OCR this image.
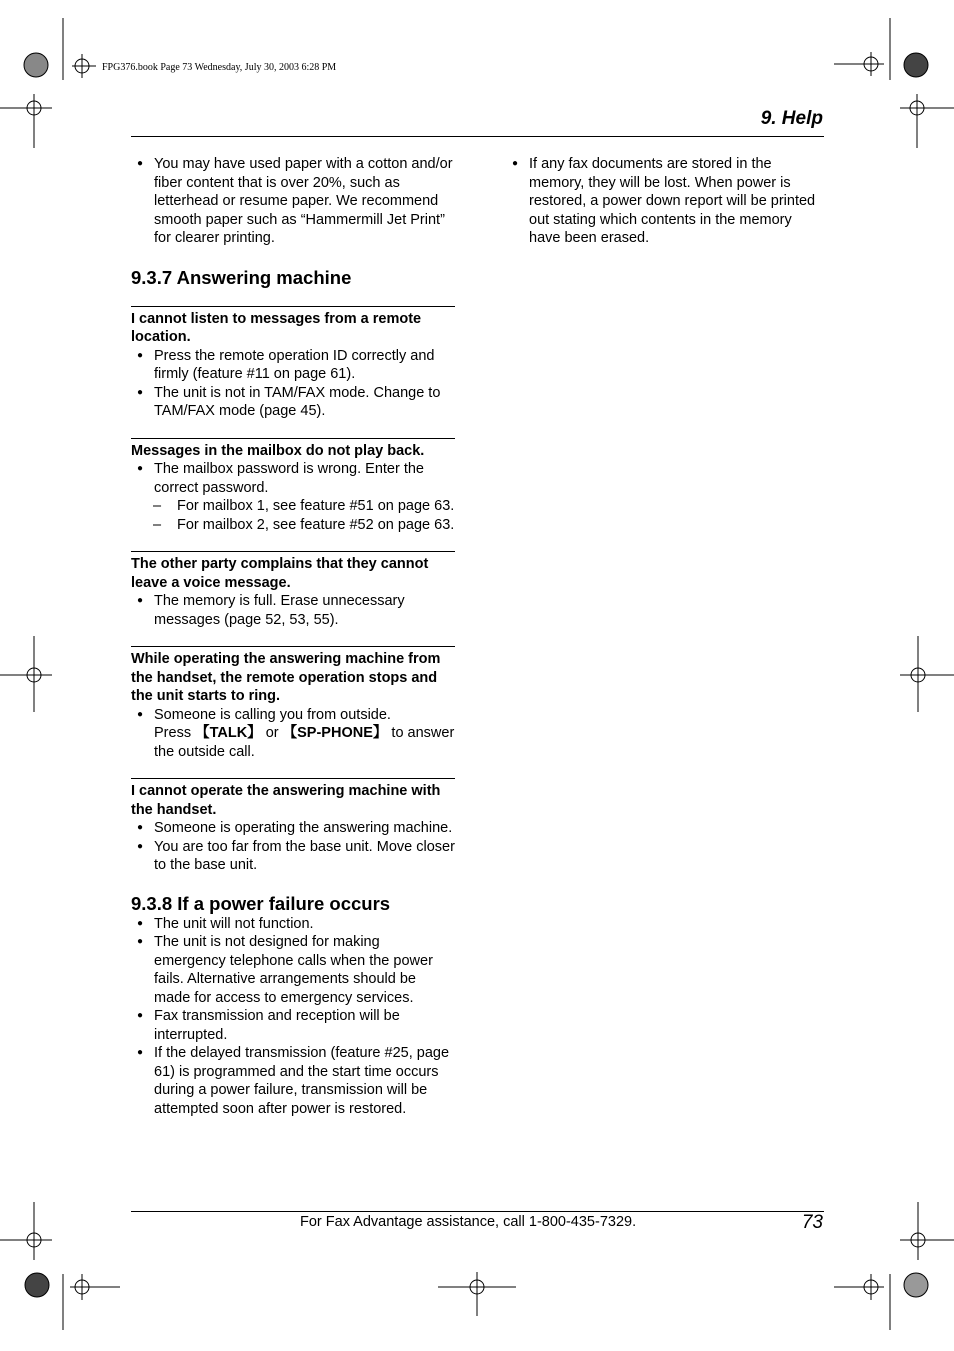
FPG376.book Page 73 Wednesday, July 30, 2003 6:28 PM
9. Help

● You may have used paper with a cotton and/or fiber content that is over 20%, such as letterhead or resume paper. We recommend smooth paper such as “Hammermill Jet Print” for clearer printing.

9.3.7 Answering machine

I cannot listen to messages from a remote location.

● Press the remote operation ID correctly and firmly (feature #11 on page 61).

● The unit is not in TAM/FAX mode. Change to TAM/FAX mode (page 45).

Messages in the mailbox do not play back.

● The mailbox password is wrong. Enter the correct password.

– For mailbox 1, see feature #51 on page 63.

– For mailbox 2, see feature #52 on page 63.

The other party complains that they cannot leave a voice message.

● The memory is full. Erase unnecessary messages (page 52, 53, 55).

While operating the answering machine from the handset, the remote operation stops and the unit starts to ring.

● Someone is calling you from outside.
Press 【TALK】 or 【SP-PHONE】 to answer the outside call.

I cannot operate the answering machine with the handset.

● Someone is operating the answering machine.

● You are too far from the base unit. Move closer to the base unit.

9.3.8 If a power failure occurs

● The unit will not function.

● The unit is not designed for making emergency telephone calls when the power fails. Alternative arrangements should be made for access to emergency services.

● Fax transmission and reception will be interrupted.

● If the delayed transmission (feature #25, page 61) is programmed and the start time occurs during a power failure, transmission will be attempted soon after power is restored.

● If any fax documents are stored in the memory, they will be lost. When power is restored, a power down report will be printed out stating which contents in the memory have been erased.

For Fax Advantage assistance, call 1-800-435-7329.	73
